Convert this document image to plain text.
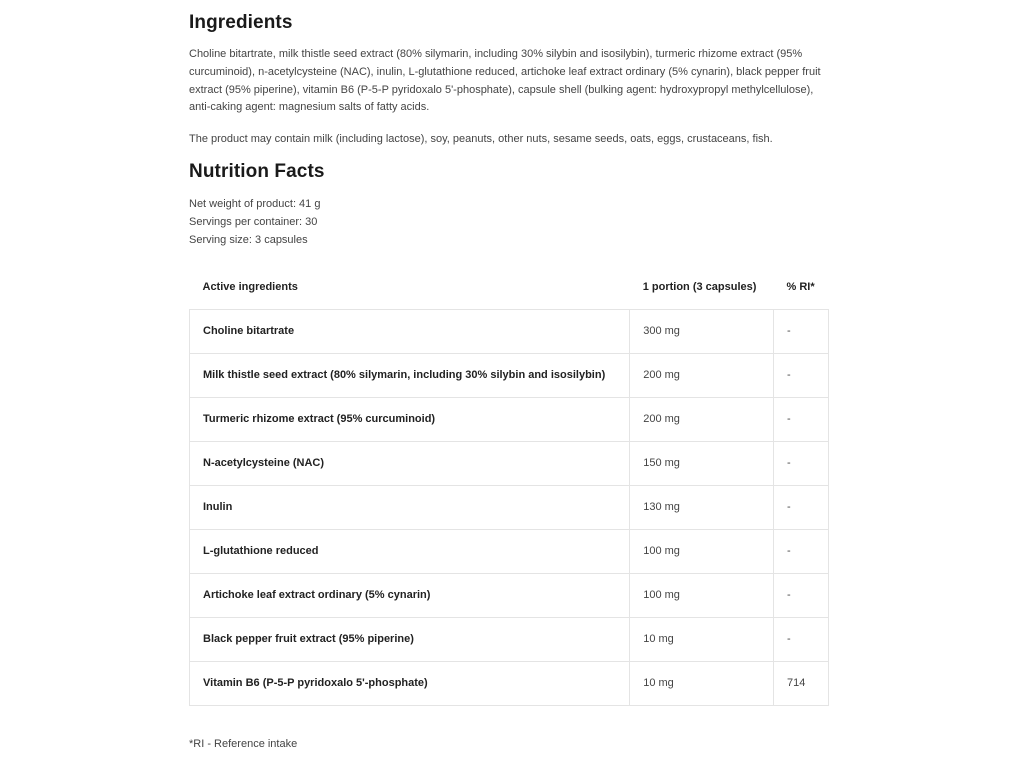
Ingredients

Choline bitartrate, milk thistle seed extract (80% silymarin, including 30% silybin and isosilybin), turmeric rhizome extract (95% curcuminoid), n-acetylcysteine (NAC), inulin, L-glutathione reduced, artichoke leaf extract ordinary (5% cynarin), black pepper fruit extract (95% piperine), vitamin B6 (P-5-P pyridoxalo 5'-phosphate), capsule shell (bulking agent: hydroxypropyl methylcellulose), anti-caking agent: magnesium salts of fatty acids.

The product may contain milk (including lactose), soy, peanuts, other nuts, sesame seeds, oats, eggs, crustaceans, fish.

Nutrition Facts
Net weight of product: 41 g
Servings per container: 30
Serving size: 3 capsules
Active ingredients	1 portion (3 capsules)	% RI*
Choline bitartrate	300 mg	-
Milk thistle seed extract (80% silymarin, including 30% silybin and isosilybin)	200 mg	-
Turmeric rhizome extract (95% curcuminoid)	200 mg	-
N-acetylcysteine (NAC)	150 mg	-
Inulin	130 mg	-
L-glutathione reduced	100 mg	-
Artichoke leaf extract ordinary (5% cynarin)	100 mg	-
Black pepper fruit extract (95% piperine)	10 mg	-
Vitamin B6 (P-5-P pyridoxalo 5'-phosphate)	10 mg	714

*RI - Reference intake
